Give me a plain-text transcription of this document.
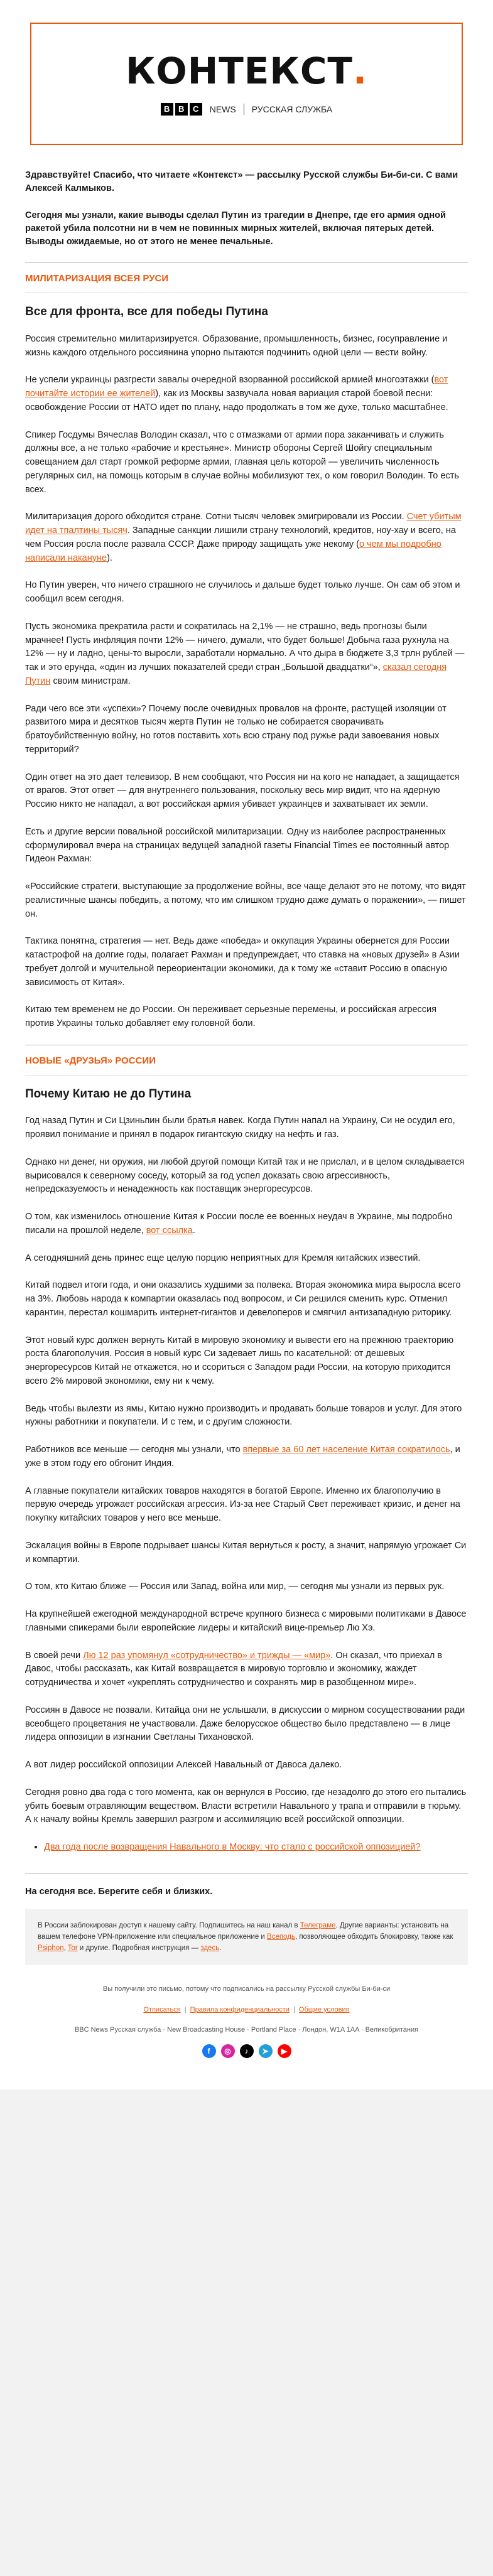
КОНТЕКСТ.
B	B	C	NEWS РУССКАЯ СЛУЖБА

Здравствуйте! Спасибо, что читаете «Контекст» — рассылку Русской службы Би-би-си. С вами Алексей Калмыков.

Сегодня мы узнали, какие выводы сделал Путин из трагедии в Днепре, где его армия одной ракетой убила полсотни ни в чем не повинных мирных жителей, включая пятерых детей. Выводы ожидаемые, но от этого не менее печальные.

МИЛИТАРИЗАЦИЯ ВСЕЯ РУСИ
Все для фронта, все для победы Путина

Россия стремительно милитаризируется. Образование, промышленность, бизнес, госуправление и жизнь каждого отдельного россиянина упорно пытаются подчинить одной цели — вести войну.

Не успели украинцы разгрести завалы очередной взорванной российской армией многоэтажки (вот почитайте истории ее жителей), как из Москвы зазвучала новая вариация старой боевой песни: освобождение России от НАТО идет по плану, надо продолжать в том же духе, только масштабнее.

Спикер Госдумы Вячеслав Володин сказал, что с отмазками от армии пора заканчивать и служить должны все, а не только «рабочие и крестьяне». Министр обороны Сергей Шойгу специальным совещанием дал старт громкой реформе армии, главная цель которой — увеличить численность регулярных сил, на помощь которым в случае войны мобилизуют тех, о ком говорил Володин. То есть всех.

Милитаризация дорого обходится стране. Сотни тысяч человек эмигрировали из России. Счет убитым идет на тпалтины тысяч. Западные санкции лишили страну технологий, кредитов, ноу-хау и всего, на чем Россия росла после развала СССР. Даже природу защищать уже некому (о чем мы подробно написали накануне).

Но Путин уверен, что ничего страшного не случилось и дальше будет только лучше. Он сам об этом и сообщил всем сегодня.

Пусть экономика прекратила расти и сократилась на 2,1% — не страшно, ведь прогнозы были мрачнее! Пусть инфляция почти 12% — ничего, думали, что будет больше! Добыча газа рухнула на 12% — ну и ладно, цены-то выросли, заработали нормально. А что дыра в бюджете 3,3 трлн рублей — так и это ерунда, «один из лучших показателей среди стран „Большой двадцатки“», сказал сегодня Путин своим министрам.

Ради чего все эти «успехи»? Почему после очевидных провалов на фронте, растущей изоляции от развитого мира и десятков тысяч жертв Путин не только не собирается сворачивать братоубийственную войну, но готов поставить хоть всю страну под ружье ради завоевания новых территорий?

Один ответ на это дает телевизор. В нем сообщают, что Россия ни на кого не нападает, а защищается от врагов. Этот ответ — для внутреннего пользования, поскольку весь мир видит, что на ядерную Россию никто не нападал, а вот российская армия убивает украинцев и захватывает их земли.

Есть и другие версии повальной российской милитаризации. Одну из наиболее распространенных сформулировал вчера на страницах ведущей западной газеты Financial Times ее постоянный автор Гидеон Рахман:

«Российские стратеги, выступающие за продолжение войны, все чаще делают это не потому, что видят реалистичные шансы победить, а потому, что им слишком трудно даже думать о поражении», — пишет он.

Тактика понятна, стратегия — нет. Ведь даже «победа» и оккупация Украины обернется для России катастрофой на долгие годы, полагает Рахман и предупреждает, что ставка на «новых друзей» в Азии требует долгой и мучительной переориентации экономики, да к тому же «ставит Россию в опасную зависимость от Китая».

Китаю тем временем не до России. Он переживает серьезные перемены, и российская агрессия против Украины только добавляет ему головной боли.

НОВЫЕ «ДРУЗЬЯ» РОССИИ
Почему Китаю не до Путина

Год назад Путин и Си Цзиньпин были братья навек. Когда Путин напал на Украину, Си не осудил его, проявил понимание и принял в подарок гигантскую скидку на нефть и газ.

Однако ни денег, ни оружия, ни любой другой помощи Китай так и не прислал, и в целом складывается вырисовался к северному соседу, который за год успел доказать свою агрессивность, непредсказуемость и ненадежность как поставщик энергоресурсов.

О том, как изменилось отношение Китая к России после ее военных неудач в Украине, мы подробно писали на прошлой неделе, вот ссылка.

А сегодняшний день принес еще целую порцию неприятных для Кремля китайских известий.

Китай подвел итоги года, и они оказались худшими за полвека. Вторая экономика мира выросла всего на 3%. Любовь народа к компартии оказалась под вопросом, и Си решился сменить курс. Отменил карантин, перестал кошмарить интернет-гигантов и девелоперов и смягчил антизападную риторику.

Этот новый курс должен вернуть Китай в мировую экономику и вывести его на прежнюю траекторию роста благополучия. Россия в новый курс Си задевает лишь по касательной: от дешевых энергоресурсов Китай не откажется, но и ссориться с Западом ради России, на которую приходится всего 2% мировой экономики, ему ни к чему.

Ведь чтобы вылезти из ямы, Китаю нужно производить и продавать больше товаров и услуг. Для этого нужны работники и покупатели. И с тем, и с другим сложности.

Работников все меньше — сегодня мы узнали, что впервые за 60 лет население Китая сократилось, и уже в этом году его обгонит Индия.

А главные покупатели китайских товаров находятся в богатой Европе. Именно их благополучию в первую очередь угрожает российская агрессия. Из-за нее Старый Свет переживает кризис, и денег на покупку китайских товаров у него все меньше.

Эскалация войны в Европе подрывает шансы Китая вернуться к росту, а значит, напрямую угрожает Си и компартии.

О том, кто Китаю ближе — Россия или Запад, война или мир, — сегодня мы узнали из первых рук.

На крупнейшей ежегодной международной встрече крупного бизнеса с мировыми политиками в Давосе главными спикерами были европейские лидеры и китайский вице-премьер Лю Хэ.

В своей речи Лю 12 раз упомянул «сотрудничество» и трижды — «мир». Он сказал, что приехал в Давос, чтобы рассказать, как Китай возвращается в мировую торговлю и экономику, жаждет сотрудничества и хочет «укреплять сотрудничество и сохранять мир в разобщенном мире».

Россиян в Давосе не позвали. Китайца они не услышали, в дискуссии о мирном сосуществовании ради всеобщего процветания не участвовали. Даже белорусское общество было представлено — в лице лидера оппозиции в изгнании Светланы Тихановской.

А вот лидер российской оппозиции Алексей Навальный от Давоса далеко.

Сегодня ровно два года с того момента, как он вернулся в Россию, где незадолго до этого его пытались убить боевым отравляющим веществом. Власти встретили Навального у трапа и отправили в тюрьму. А к началу войны Кремль завершил разгром и ассимиляцию всей российской оппозиции.

• Два года после возвращения Навального в Москву: что стало с российской оппозицией?
На сегодня все. Берегите себя и близких.
В России заблокирован доступ к нашему сайту. Подпишитесь на наш канал в Телеграме. Другие варианты: установить на вашем телефоне VPN-приложение или специальное приложение и Всеподь, позволяющее обходить блокировку, также как Psiphon, Tor и другие. Подробная инструкция — здесь.
Вы получили это письмо, потому что подписались на рассылку Русской службы Би-би-си
Отписаться | Правила конфиденциальности | Общие условия
BBC News Русская служба · New Broadcasting House · Portland Place · Лондон, W1A 1AA · Великобритания
f	◎	♪	➤	▶
